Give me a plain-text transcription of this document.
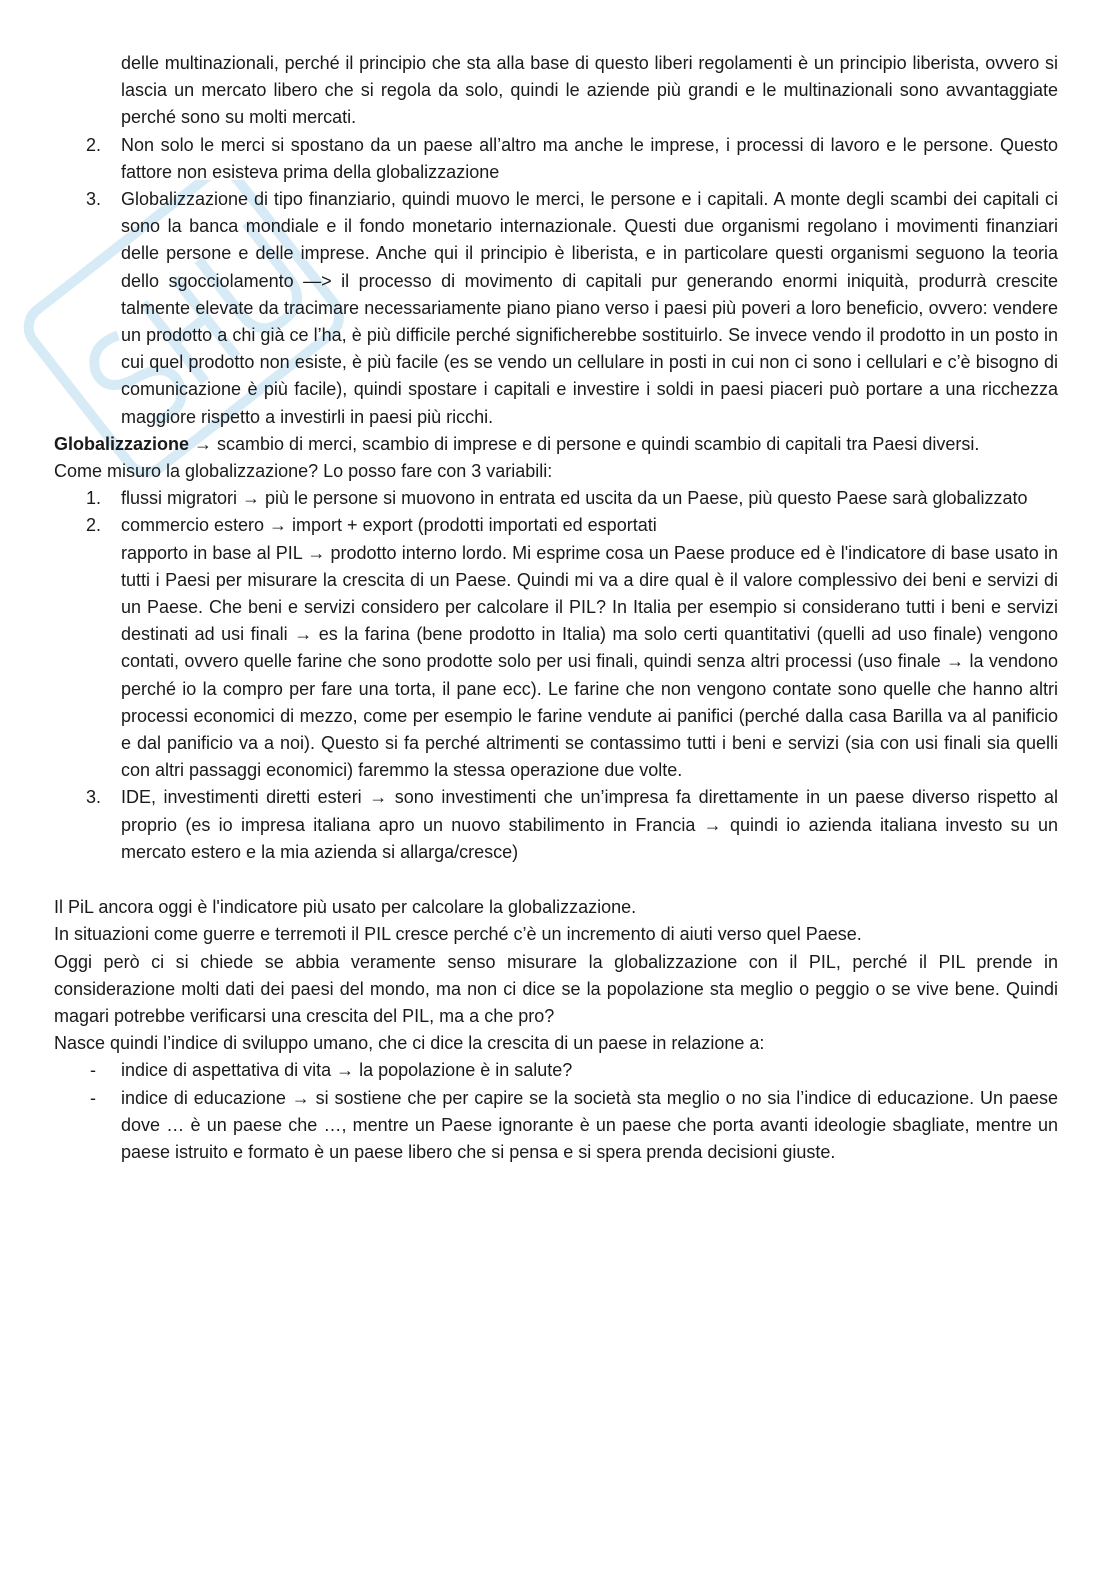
delle multinazionali, perché il principio che sta alla base di questo liberi regolamenti è un principio liberista, ovvero si lascia un mercato libero che si regola da solo, quindi le aziende più grandi e le multinazionali sono avvantaggiate perché sono su molti mercati.

2. Non solo le merci si spostano da un paese all’altro ma anche le imprese, i processi di lavoro e le persone. Questo fattore non esisteva prima della globalizzazione
3. Globalizzazione di tipo finanziario, quindi muovo le merci, le persone e i capitali. A monte degli scambi dei capitali ci sono la banca mondiale e il fondo monetario internazionale. Questi due organismi regolano i movimenti finanziari delle persone e delle imprese. Anche qui il principio è liberista, e in particolare questi organismi seguono la teoria dello sgocciolamento —> il processo di movimento di capitali pur generando enormi iniquità, produrrà crescite talmente elevate da tracimare necessariamente piano piano verso i paesi più poveri a loro beneficio, ovvero: vendere un prodotto a chi già ce l’ha, è più difficile perché significherebbe sostituirlo. Se invece vendo il prodotto in un posto in cui quel prodotto non esiste, è più facile (es se vendo un cellulare in posti in cui non ci sono i cellulari e c’è bisogno di comunicazione è più facile), quindi spostare i capitali e investire i soldi in paesi piaceri può portare a una ricchezza maggiore rispetto a investirli in paesi più ricchi.

Globalizzazione → scambio di merci, scambio di imprese e di persone e quindi scambio di capitali tra Paesi diversi.

Come misuro la globalizzazione? Lo posso fare con 3 variabili:

1. flussi migratori → più le persone si muovono in entrata ed uscita da un Paese, più questo Paese sarà globalizzato
2. commercio estero → import + export (prodotti importati ed esportati
rapporto in base al PIL → prodotto interno lordo. Mi esprime cosa un Paese produce ed è l'indicatore di base usato in tutti i Paesi per misurare la crescita di un Paese. Quindi mi va a dire qual è il valore complessivo dei beni e servizi di un Paese. Che beni e servizi considero per calcolare il PIL? In Italia per esempio si considerano tutti i beni e servizi destinati ad usi finali → es la farina (bene prodotto in Italia) ma solo certi quantitativi (quelli ad uso finale) vengono contati, ovvero quelle farine che sono prodotte solo per usi finali, quindi senza altri processi (uso finale → la vendono perché io la compro per fare una torta, il pane ecc). Le farine che non vengono contate sono quelle che hanno altri processi economici di mezzo, come per esempio le farine vendute ai panifici (perché dalla casa Barilla va al panificio e dal panificio va a noi). Questo si fa perché altrimenti se contassimo tutti i beni e servizi (sia con usi finali sia quelli con altri passaggi economici) faremmo la stessa operazione due volte.
3. IDE, investimenti diretti esteri → sono investimenti che un’impresa fa direttamente in un paese diverso rispetto al proprio (es io impresa italiana apro un nuovo stabilimento in Francia → quindi io azienda italiana investo su un mercato estero e la mia azienda si allarga/cresce)

Il PiL ancora oggi è l'indicatore più usato per calcolare la globalizzazione.

In situazioni come guerre e terremoti il PIL cresce perché c’è un incremento di aiuti verso quel Paese.

Oggi però ci si chiede se abbia veramente senso misurare la globalizzazione con il PIL, perché il PIL prende in considerazione molti dati dei paesi del mondo, ma non ci dice se la popolazione sta meglio o peggio o se vive bene. Quindi magari potrebbe verificarsi una crescita del PIL, ma a che pro?

Nasce quindi l’indice di sviluppo umano, che ci dice la crescita di un paese in relazione a:

- indice di aspettativa di vita → la popolazione è in salute?
- indice di educazione → si sostiene che per capire se la società sta meglio o no sia l’indice di educazione. Un paese dove … è un paese che …, mentre un Paese ignorante è un paese che porta avanti ideologie sbagliate, mentre un paese istruito e formato è un paese libero che si pensa e si spera prenda decisioni giuste.
